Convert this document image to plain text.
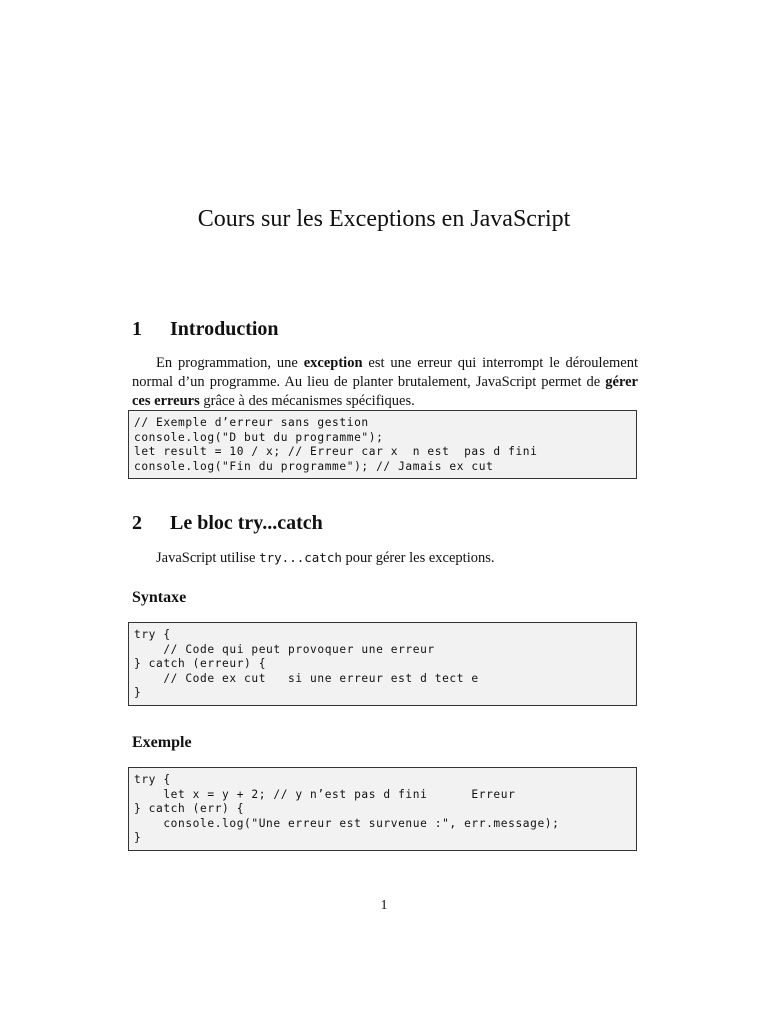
Cours sur les Exceptions en JavaScript
1 Introduction

En programmation, une exception est une erreur qui interrompt le déroulement normal d’un programme. Au lieu de planter brutalement, JavaScript permet de gérer ces erreurs grâce à des mécanismes spécifiques.

// Exemple d’erreur sans gestion
console.log("D but du programme");
let result = 10 / x; // Erreur car x  n est  pas d fini
console.log("Fin du programme"); // Jamais ex cut
2 Le bloc try...catch

JavaScript utilise try...catch pour gérer les exceptions.

Syntaxe
try {
// Code qui peut provoquer une erreur
} catch (erreur) {
// Code ex cut   si une erreur est d tect e
}
Exemple
try {
let x = y + 2; // y n’est pas d fini      Erreur
} catch (err) {
console.log("Une erreur est survenue :", err.message);
}
1
